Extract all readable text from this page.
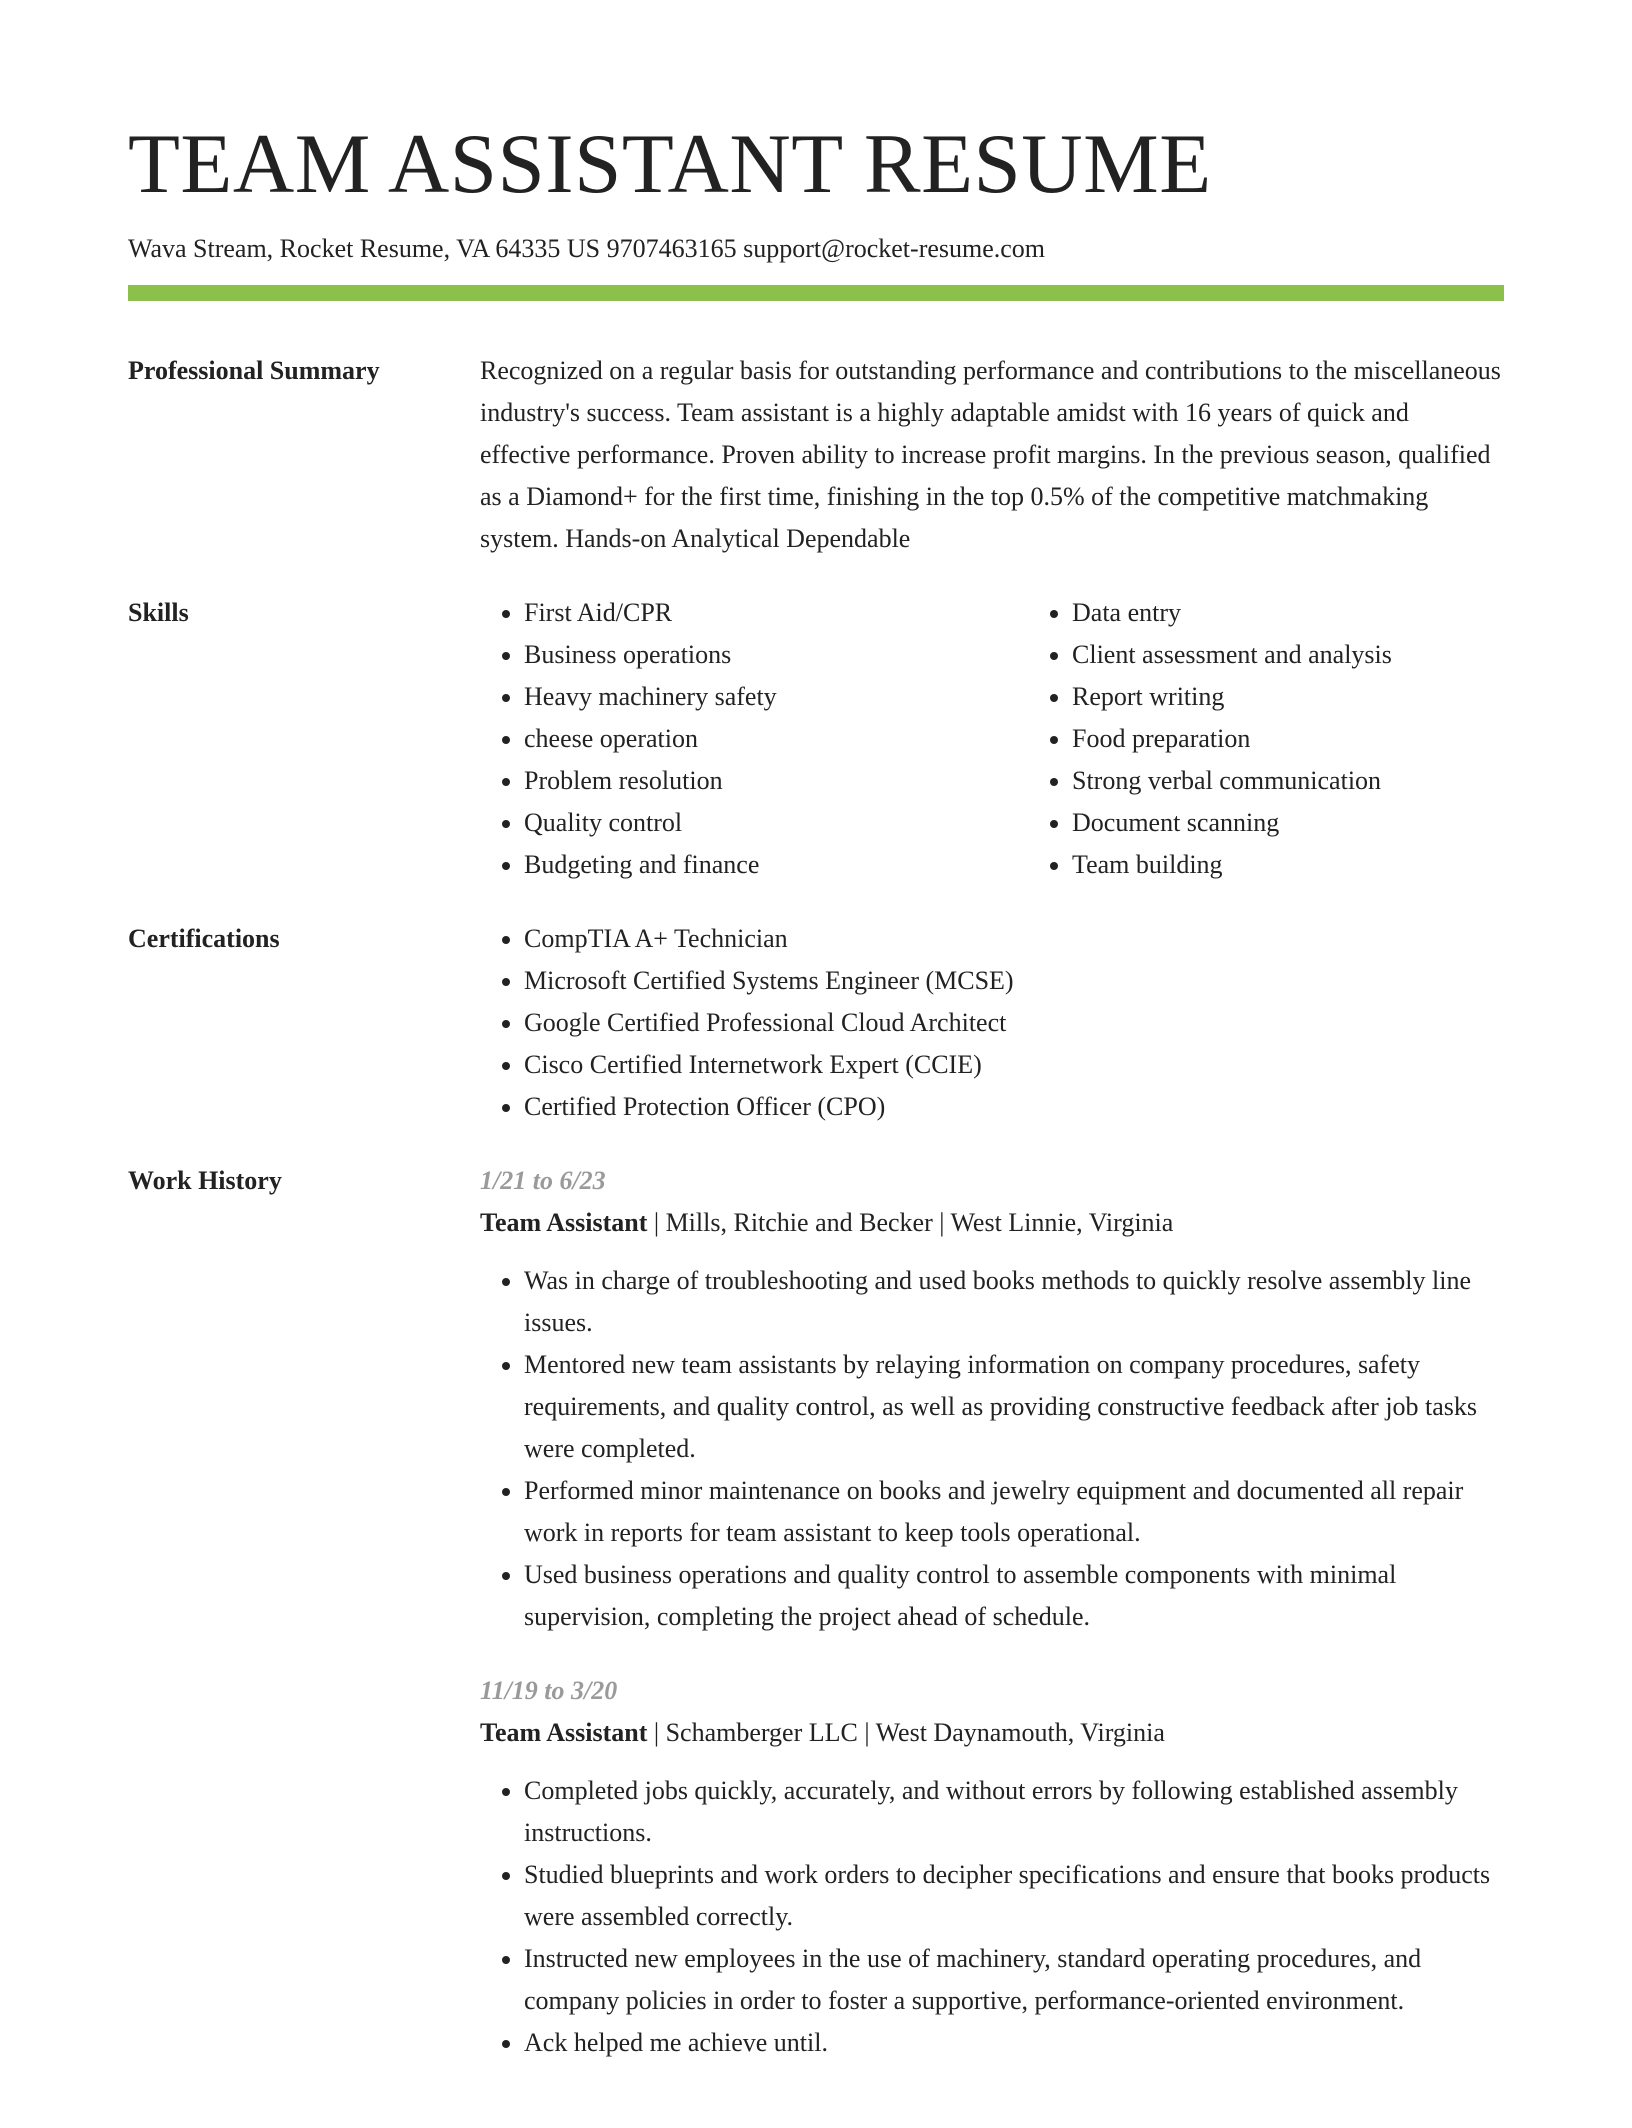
TEAM ASSISTANT RESUME
Wava Stream, Rocket Resume, VA 64335 US 9707463165 support@rocket-resume.com
Professional Summary	Recognized on a regular basis for outstanding performance and contributions to the miscellaneous industry's success. Team assistant is a highly adaptable amidst with 16 years of quick and effective performance. Proven ability to increase profit margins. In the previous season, qualified as a Diamond+ for the first time, finishing in the top 0.5% of the competitive matchmaking system. Hands-on Analytical Dependable

Skills	• First Aid/CPR
• Business operations
• Heavy machinery safety
• cheese operation
• Problem resolution
• Quality control
• Budgeting and finance
• Data entry
• Client assessment and analysis
• Report writing
• Food preparation
• Strong verbal communication
• Document scanning
• Team building
Certifications	• CompTIA A+ Technician
• Microsoft Certified Systems Engineer (MCSE)
• Google Certified Professional Cloud Architect
• Cisco Certified Internetwork Expert (CCIE)
• Certified Protection Officer (CPO)
Work History	1/21 to 6/23
Team Assistant | Mills, Ritchie and Becker | West Linnie, Virginia
• Was in charge of troubleshooting and used books methods to quickly resolve assembly line issues.
• Mentored new team assistants by relaying information on company procedures, safety requirements, and quality control, as well as providing constructive feedback after job tasks were completed.
• Performed minor maintenance on books and jewelry equipment and documented all repair work in reports for team assistant to keep tools operational.
• Used business operations and quality control to assemble components with minimal supervision, completing the project ahead of schedule.
11/19 to 3/20
Team Assistant | Schamberger LLC | West Daynamouth, Virginia
• Completed jobs quickly, accurately, and without errors by following established assembly instructions.
• Studied blueprints and work orders to decipher specifications and ensure that books products were assembled correctly.
• Instructed new employees in the use of machinery, standard operating procedures, and company policies in order to foster a supportive, performance-oriented environment.
• Ack helped me achieve until.
